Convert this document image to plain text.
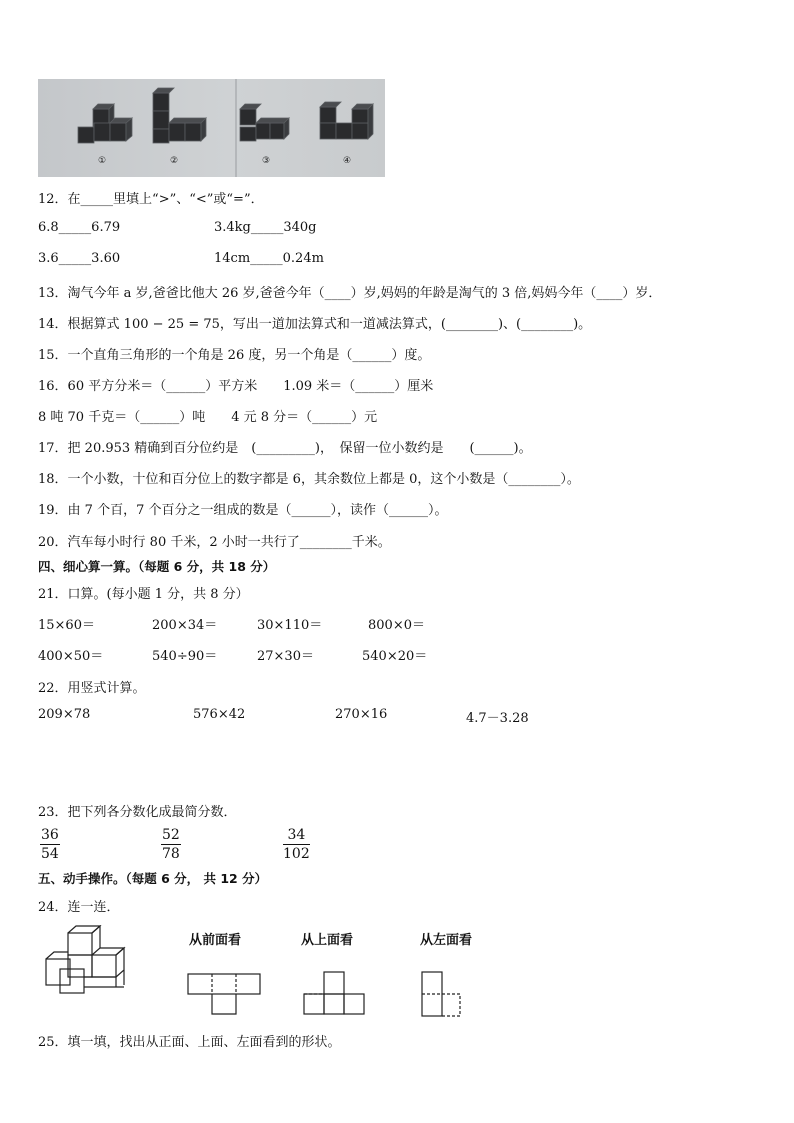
①	②	③	④
12．在_____里填上“>”、“<”或“=”．
6.8_____6.79	3.4kg_____340g
3.6_____3.60	14cm_____0.24m
13．淘气今年 a 岁,爸爸比他大 26 岁,爸爸今年（____）岁,妈妈的年龄是淘气的 3 倍,妈妈今年（____）岁．
14．根据算式 100 − 25 = 75，写出一道加法算式和一道减法算式，(________)、(________)。
15．一个直角三角形的一个角是 26 度，另一个角是（______）度。
16．60 平方分米＝（______）平方米　　1.09 米＝（______）厘米
8 吨 70 千克＝（______）吨　　4 元 8 分＝（______）元
17．把 20.953 精确到百分位约是　(_________)，　保留一位小数约是　　(______)。
18．一个小数，十位和百分位上的数字都是 6，其余数位上都是 0，这个小数是（________）。
19．由 7 个百，7 个百分之一组成的数是（______），读作（______）。
20．汽车每小时行 80 千米，2 小时一共行了________千米。
四、细心算一算。（每题 6 分，共 18 分）
21．口算。(每小题 1 分，共 8 分）
15×60＝	200×34＝	30×110＝	800×0＝
400×50＝	540÷90＝	27×30＝	540×20＝
22．用竖式计算。
209×78	576×42	270×16	4.7－3.28
23．把下列各分数化成最简分数．
$\frac{36}{54}$	$\frac{52}{78}$	$\frac{34}{102}$
五、动手操作。（每题 6 分， 共 12 分）
24．连一连．
从前面看	从上面看	从左面看
25．填一填，找出从正面、上面、左面看到的形状。
